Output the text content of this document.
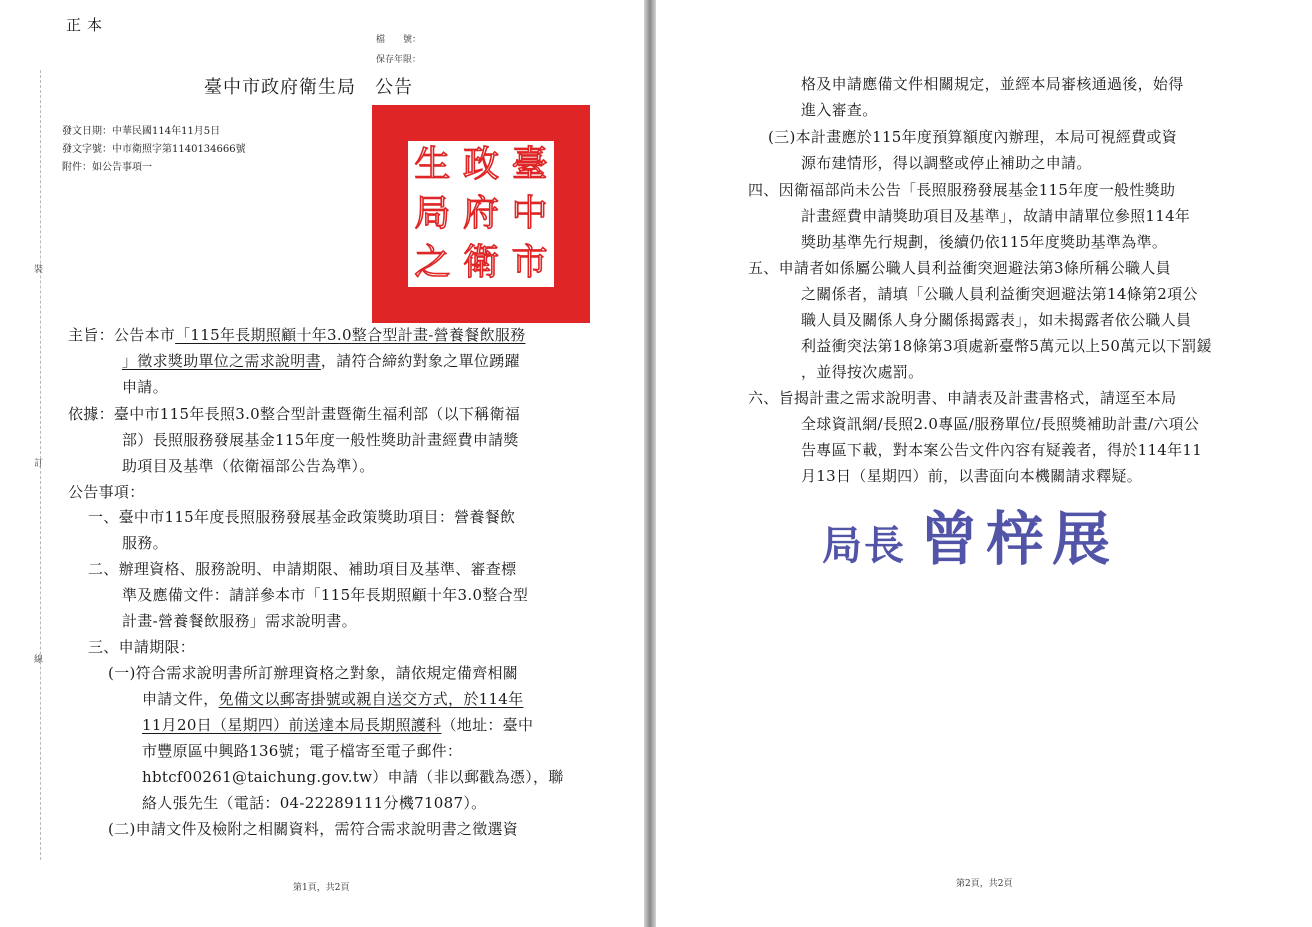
正本
檔　　號：
保存年限：
臺中市政府衛生局　公告
發文日期：中華民國114年11月5日
發文字號：中市衛照字第1140134666號
附件：如公告事項一
裝
訂
線
生
局
之
政
府
衛
臺
中
市
主旨：公告本市「115年長期照顧十年3.0整合型計畫-營養餐飲服務
」徵求獎助單位之需求說明書，請符合締約對象之單位踴躍
申請。
依據：臺中市115年長照3.0整合型計畫暨衛生福利部（以下稱衛福
部）長照服務發展基金115年度一般性獎助計畫經費申請獎
助項目及基準（依衛福部公告為準）。
公告事項：
一、臺中市115年度長照服務發展基金政策獎助項目：營養餐飲
服務。
二、辦理資格、服務說明、申請期限、補助項目及基準、審查標
準及應備文件：請詳參本市「115年長期照顧十年3.0整合型
計畫-營養餐飲服務」需求說明書。
三、申請期限：
(一)符合需求說明書所訂辦理資格之對象，請依規定備齊相關
申請文件，免備文以郵寄掛號或親自送交方式，於114年
11月20日（星期四）前送達本局長期照護科（地址：臺中
市豐原區中興路136號；電子檔寄至電子郵件：
hbtcf00261@taichung.gov.tw）申請（非以郵戳為憑），聯
絡人張先生（電話：04-22289111分機71087）。
(二)申請文件及檢附之相關資料，需符合需求說明書之徵選資
第1頁，共2頁
格及申請應備文件相關規定，並經本局審核通過後，始得
進入審查。
(三)本計畫應於115年度預算額度內辦理，本局可視經費或資
源布建情形，得以調整或停止補助之申請。
四、因衛福部尚未公告「長照服務發展基金115年度一般性獎助
計畫經費申請獎助項目及基準」，故請申請單位參照114年
獎助基準先行規劃，後續仍依115年度獎助基準為準。
五、申請者如係屬公職人員利益衝突迴避法第3條所稱公職人員
之關係者，請填「公職人員利益衝突迴避法第14條第2項公
職人員及關係人身分關係揭露表」，如未揭露者依公職人員
利益衝突法第18條第3項處新臺幣5萬元以上50萬元以下罰鍰
，並得按次處罰。
六、旨揭計畫之需求說明書、申請表及計畫書格式，請逕至本局
全球資訊網/長照2.0專區/服務單位/長照獎補助計畫/六項公
告專區下載，對本案公告文件內容有疑義者，得於114年11
月13日（星期四）前，以書面向本機關請求釋疑。
第2頁，共2頁
局長 曾梓展
